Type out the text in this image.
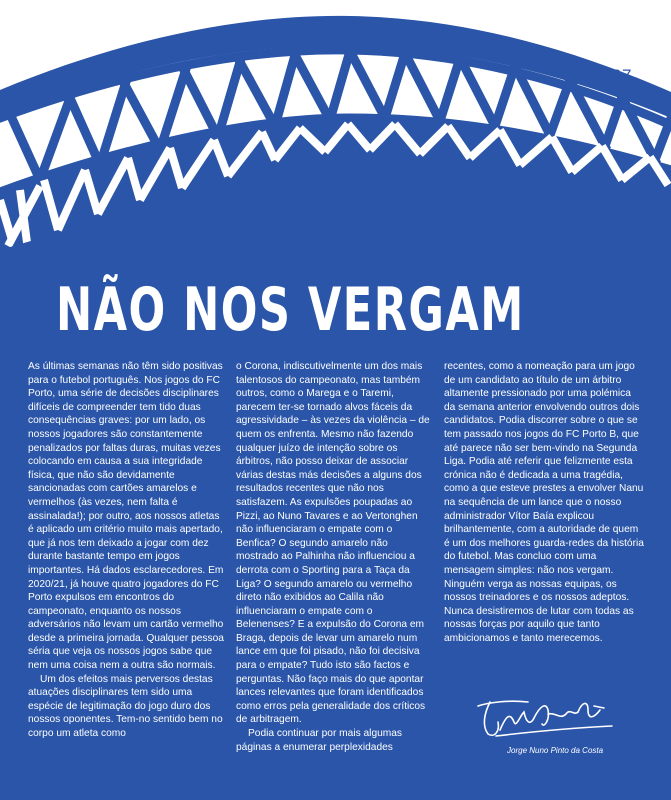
NÃO NOS VERGAM

As últimas semanas não têm sido positivas para o futebol português. Nos jogos do FC Porto, uma série de decisões disciplinares difíceis de compreender tem tido duas consequências graves: por um lado, os nossos jogadores são constantemente penalizados por faltas duras, muitas vezes colocando em causa a sua integridade física, que não são devidamente sancionadas com cartões amarelos e vermelhos (às vezes, nem falta é assinalada!); por outro, aos nossos atletas é aplicado um critério muito mais apertado, que já nos tem deixado a jogar com dez durante bastante tempo em jogos importantes. Há dados esclarecedores. Em 2020/21, já houve quatro jogadores do FC Porto expulsos em encontros do campeonato, enquanto os nossos adversários não levam um cartão vermelho desde a primeira jornada. Qualquer pessoa séria que veja os nossos jogos sabe que nem uma coisa nem a outra são normais.

Um dos efeitos mais perversos destas atuações disciplinares tem sido uma espécie de legitimação do jogo duro dos nossos oponentes. Tem-no sentido bem no corpo um atleta como

o Corona, indiscutivelmente um dos mais talentosos do campeonato, mas também outros, como o Marega e o Taremi, parecem ter-se tornado alvos fáceis da agressividade – às vezes da violência – de quem os enfrenta. Mesmo não fazendo qualquer juízo de intenção sobre os árbitros, não posso deixar de associar várias destas más decisões a alguns dos resultados recentes que não nos satisfazem. As expulsões poupadas ao Pizzi, ao Nuno Tavares e ao Vertonghen não influenciaram o empate com o Benfica? O segundo amarelo não mostrado ao Palhinha não influenciou a derrota com o Sporting para a Taça da Liga? O segundo amarelo ou vermelho direto não exibidos ao Calila não influenciaram o empate com o Belenenses? E a expulsão do Corona em Braga, depois de levar um amarelo num lance em que foi pisado, não foi decisiva para o empate? Tudo isto são factos e perguntas. Não faço mais do que apontar lances relevantes que foram identificados como erros pela generalidade dos críticos de arbitragem.

Podia continuar por mais algumas páginas a enumerar perplexidades

recentes, como a nomeação para um jogo de um candidato ao título de um árbitro altamente pressionado por uma polémica da semana anterior envolvendo outros dois candidatos. Podia discorrer sobre o que se tem passado nos jogos do FC Porto B, que até parece não ser bem-vindo na Segunda Liga. Podia até referir que felizmente esta crónica não é dedicada a uma tragédia, como a que esteve prestes a envolver Nanu na sequência de um lance que o nosso administrador Vítor Baía explicou brilhantemente, com a autoridade de quem é um dos melhores guarda-redes da história do futebol. Mas concluo com uma mensagem simples: não nos vergam. Ninguém verga as nossas equipas, os nossos treinadores e os nossos adeptos. Nunca desistiremos de lutar com todas as nossas forças por aquilo que tanto ambicionamos e tanto merecemos.

Jorge Nuno Pinto da Costa
